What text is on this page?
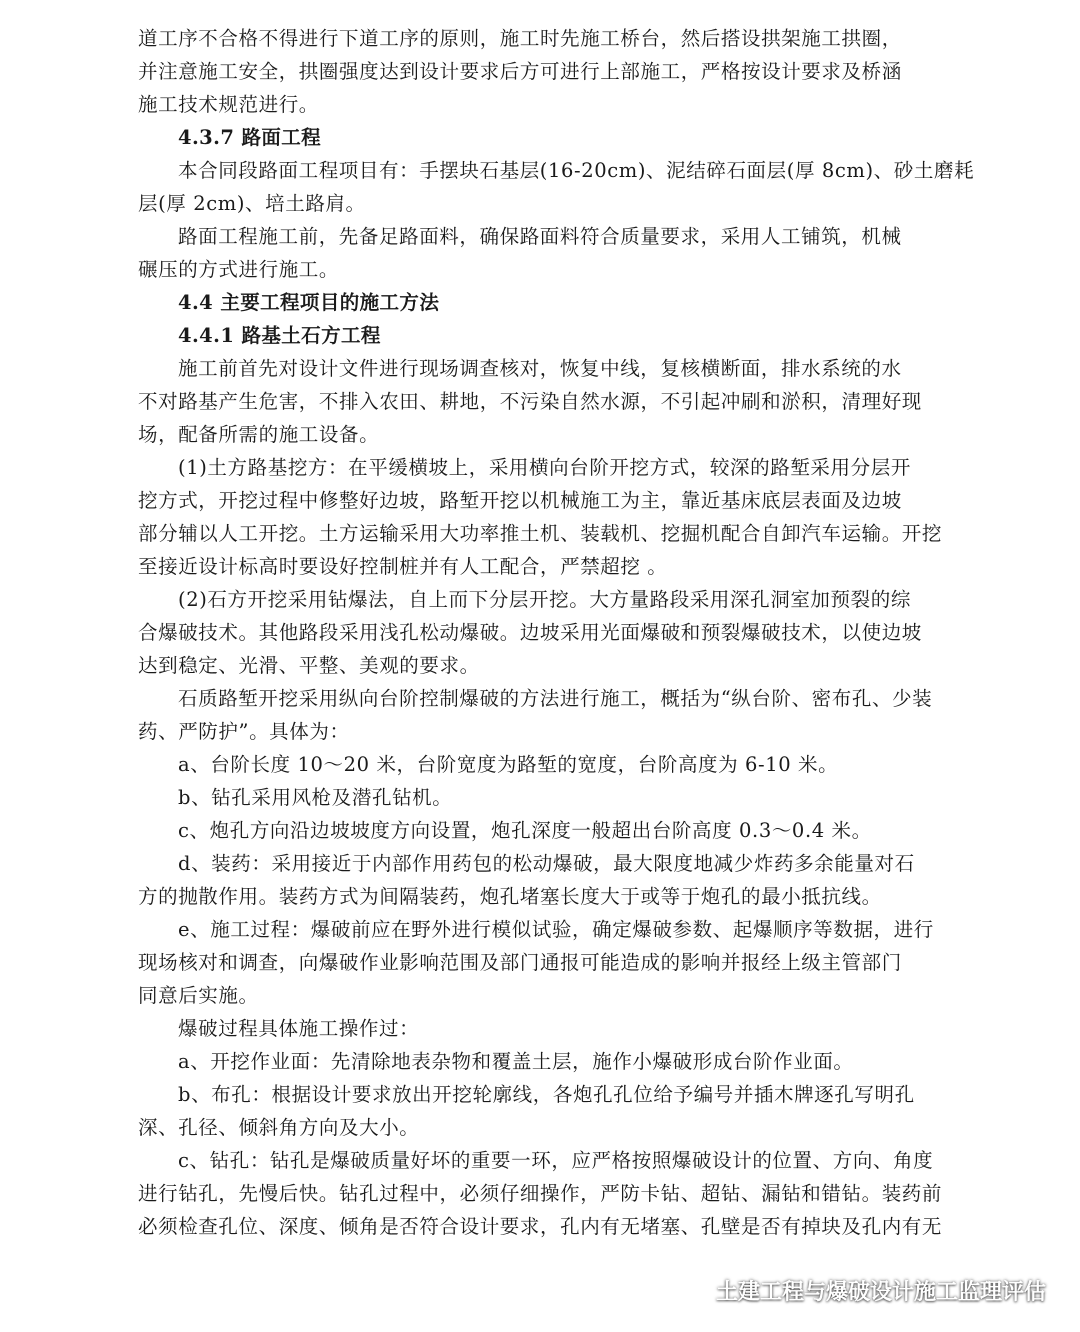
道工序不合格不得进行下道工序的原则，施工时先施工桥台，然后搭设拱架施工拱圈，
并注意施工安全，拱圈强度达到设计要求后方可进行上部施工，严格按设计要求及桥涵
施工技术规范进行。
4.3.7 路面工程
本合同段路面工程项目有：手摆块石基层(16-20cm)、泥结碎石面层(厚 8cm)、砂土磨耗
层(厚 2cm)、培土路肩。
路面工程施工前，先备足路面料，确保路面料符合质量要求，采用人工铺筑，机械
碾压的方式进行施工。
4.4 主要工程项目的施工方法
4.4.1 路基土石方工程
施工前首先对设计文件进行现场调查核对，恢复中线，复核横断面，排水系统的水
不对路基产生危害，不排入农田、耕地，不污染自然水源，不引起冲刷和淤积，清理好现
场，配备所需的施工设备。
(1)土方路基挖方：在平缓横坡上，采用横向台阶开挖方式，较深的路堑采用分层开
挖方式，开挖过程中修整好边坡，路堑开挖以机械施工为主，靠近基床底层表面及边坡
部分辅以人工开挖。土方运输采用大功率推土机、装载机、挖掘机配合自卸汽车运输。开挖
至接近设计标高时要设好控制桩并有人工配合，严禁超挖 。
(2)石方开挖采用钻爆法，自上而下分层开挖。大方量路段采用深孔洞室加预裂的综
合爆破技术。其他路段采用浅孔松动爆破。边坡采用光面爆破和预裂爆破技术，以使边坡
达到稳定、光滑、平整、美观的要求。
石质路堑开挖采用纵向台阶控制爆破的方法进行施工，概括为“纵台阶、密布孔、少装
药、严防护”。具体为：
a、台阶长度 10～20 米，台阶宽度为路堑的宽度，台阶高度为 6-10 米。
b、钻孔采用风枪及潜孔钻机。
c、炮孔方向沿边坡坡度方向设置，炮孔深度一般超出台阶高度 0.3～0.4 米。
d、装药：采用接近于内部作用药包的松动爆破，最大限度地减少炸药多余能量对石
方的抛散作用。装药方式为间隔装药，炮孔堵塞长度大于或等于炮孔的最小抵抗线。
e、施工过程：爆破前应在野外进行模似试验，确定爆破参数、起爆顺序等数据，进行
现场核对和调查，向爆破作业影响范围及部门通报可能造成的影响并报经上级主管部门
同意后实施。
爆破过程具体施工操作过：
a、开挖作业面：先清除地表杂物和覆盖土层，施作小爆破形成台阶作业面。
b、布孔：根据设计要求放出开挖轮廓线，各炮孔孔位给予编号并插木牌逐孔写明孔
深、孔径、倾斜角方向及大小。
c、钻孔：钻孔是爆破质量好坏的重要一环，应严格按照爆破设计的位置、方向、角度
进行钻孔，先慢后快。钻孔过程中，必须仔细操作，严防卡钻、超钻、漏钻和错钻。装药前
必须检查孔位、深度、倾角是否符合设计要求，孔内有无堵塞、孔壁是否有掉块及孔内有无
土建工程与爆破设计施工监理评估
